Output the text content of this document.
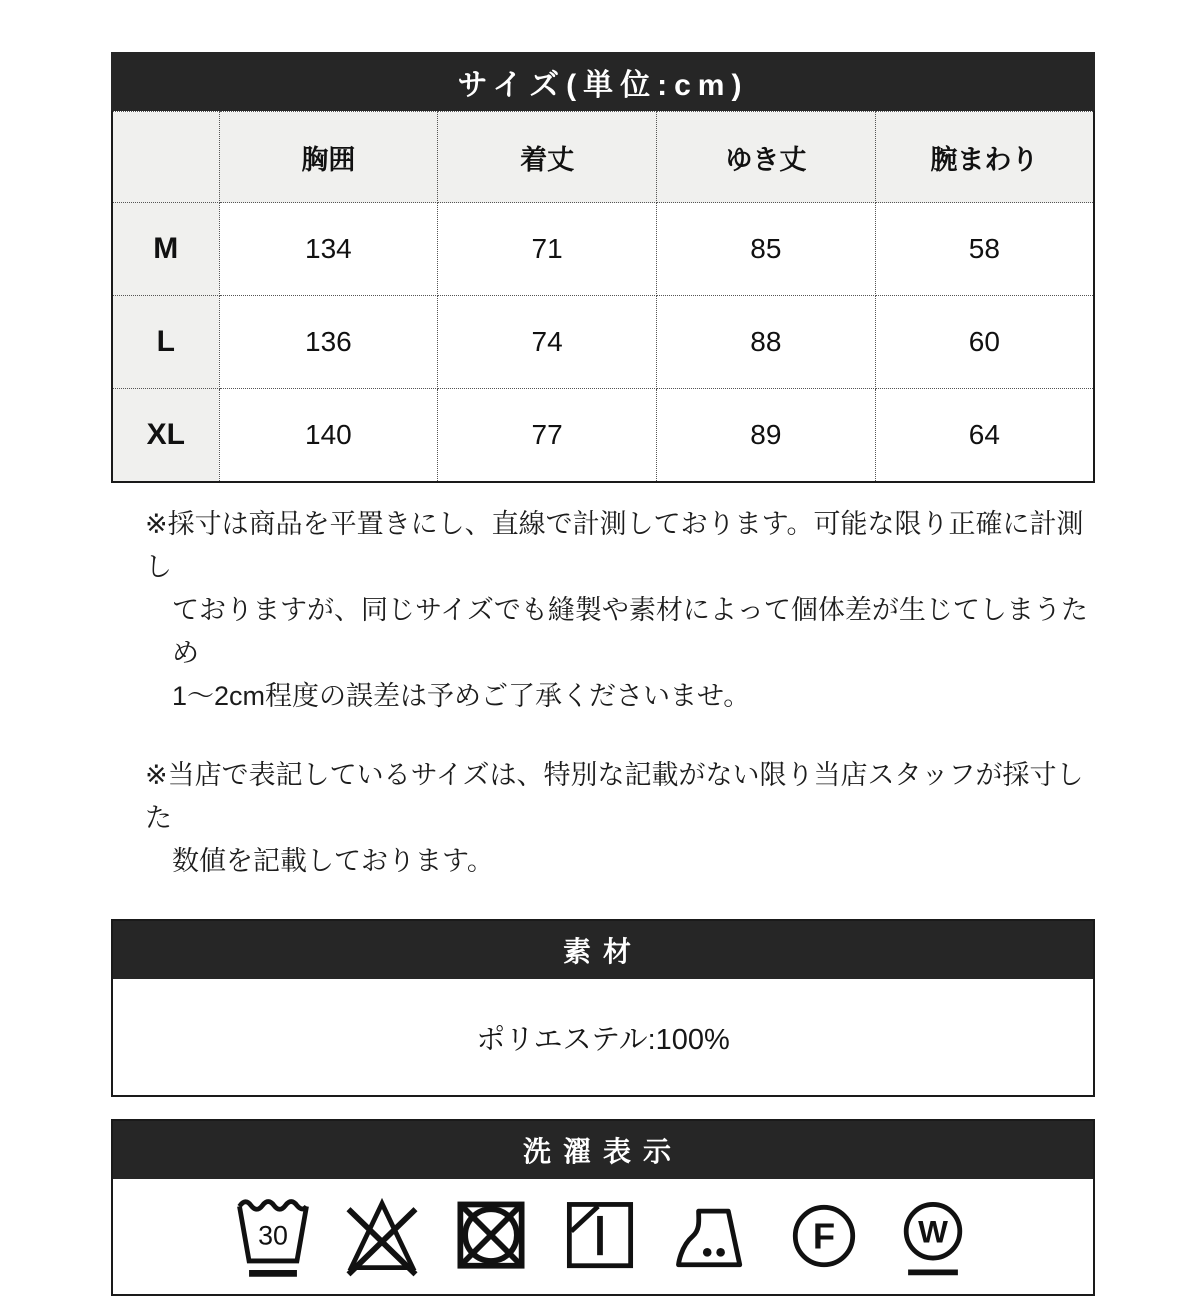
サイズ(単位:cm)
	胸囲	着丈	ゆき丈	腕まわり
M	134	71	85	58
L	136	74	88	60
XL	140	77	89	64

※採寸は商品を平置きにし、直線で計測しております。可能な限り正確に計測し
ておりますが、同じサイズでも縫製や素材によって個体差が生じてしまうため
1〜2cm程度の誤差は予めご了承くださいませ。

※当店で表記しているサイズは、特別な記載がない限り当店スタッフが採寸した
数値を記載しております。

素材
ポリエステル:100%
洗濯表示
30	F	W
